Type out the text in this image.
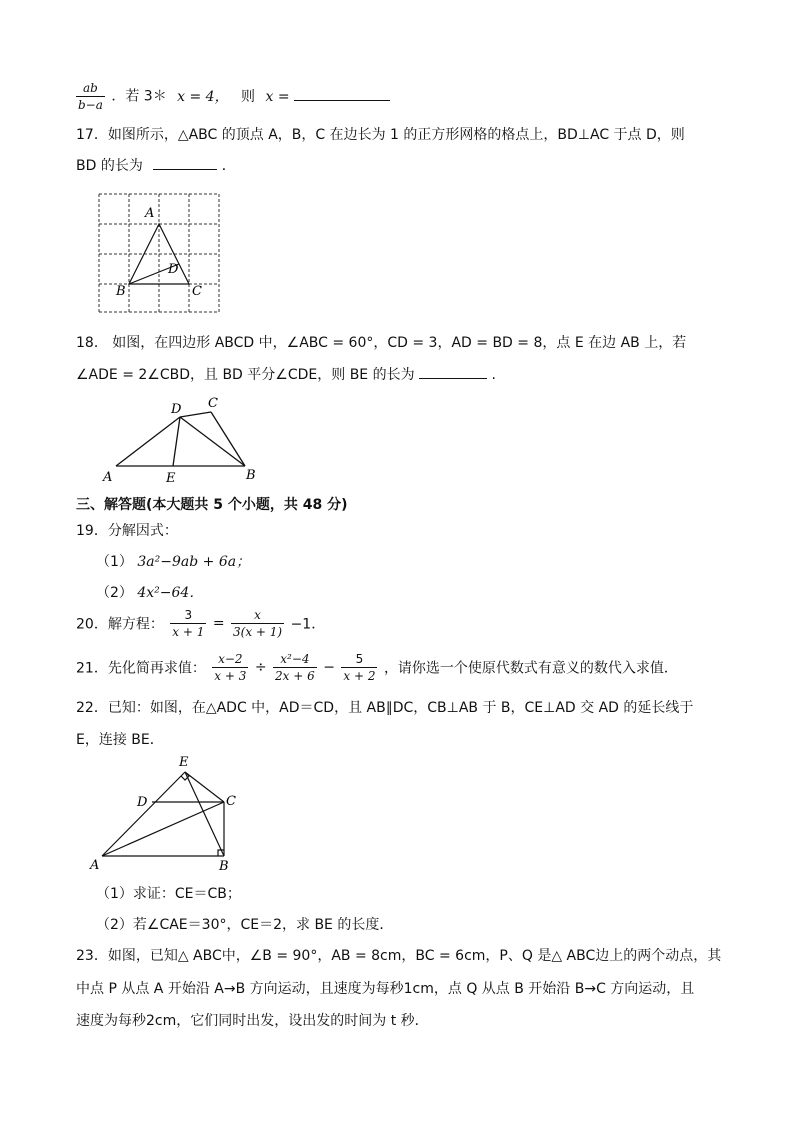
$\frac{ab}{b-a}$ ．若 3＊ x = 4， 则 x =
17．如图所示，△ABC 的顶点 A，B，C 在边长为 1 的正方形网格的格点上，BD⊥AC 于点 D，则
BD 的长为	．
A
B	C
D
18． 如图，在四边形 ABCD 中，∠ABC = 60°，CD = 3，AD = BD = 8，点 E 在边 AB 上，若
∠ADE = 2∠CBD，且 BD 平分∠CDE，则 BE 的长为	.
A	B
C
D
E
三、解答题(本大题共 5 个小题，共 48 分)
19．分解因式：
（1） 3a²−9ab + 6a；
（2） 4x²−64．
20．解方程： $\frac{3}{x + 1} = \frac{x}{3(x + 1)} -1$．
21．先化简再求值： $\frac{x-2}{x + 3} \div \frac{\text{x²−4}}{2x + 6} - \frac{5}{x + 2}$ ，请你选一个使原代数式有意义的数代入求值．
22．已知：如图，在△ADC 中，AD＝CD，且 AB∥DC，CB⊥AB 于 B，CE⊥AD 交 AD 的延长线于
E，连接 BE．
A	B
C
D
E
（1）求证：CE＝CB；
（2）若∠CAE＝30°，CE＝2，求 BE 的长度．
23．如图，已知△ ABC中，∠B = 90°，AB = 8cm，BC = 6cm，P、Q 是△ ABC边上的两个动点，其
中点 P 从点 A 开始沿 A→B 方向运动，且速度为每秒1cm，点 Q 从点 B 开始沿 B→C 方向运动，且
速度为每秒2cm，它们同时出发，设出发的时间为 t 秒．
